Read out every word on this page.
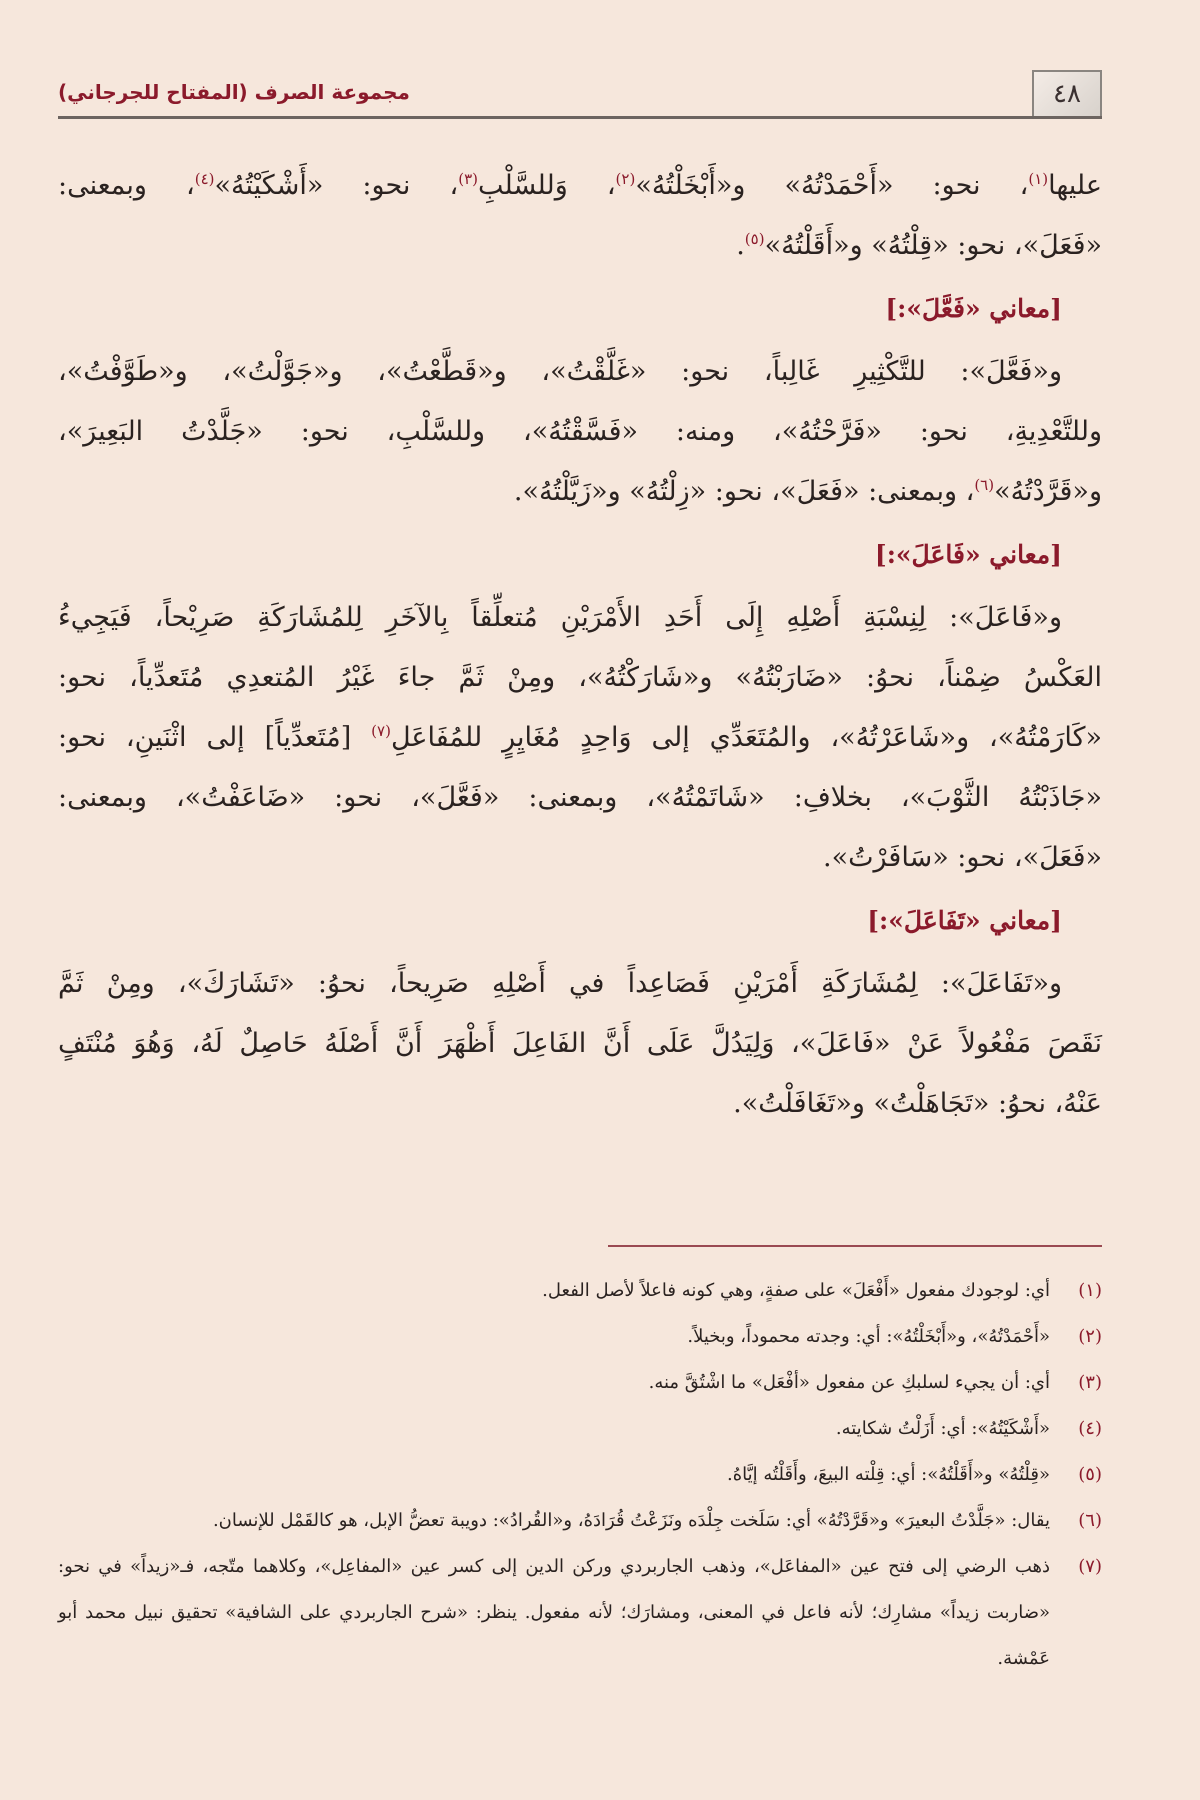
٤٨
مجموعة الصرف (المفتاح للجرجاني)
عليها$^{(١)}$، نحو: «أَحْمَدْتُهُ» و«أَبْخَلْتُهُ»$^{(٢)}$، وَللسَّلْبِ$^{(٣)}$، نحو: «أَشْكَيْتُهُ»$^{(٤)}$، وبمعنى:
«فَعَلَ»، نحو: «قِلْتُهُ» و«أَقَلْتُهُ»$^{(٥)}$.
[معاني «فَعَّلَ»:]
و«فَعَّلَ»: للتَّكْثِيرِ غَالِباً، نحو: «غَلَّقْتُ»، و«قَطَّعْتُ»، و«جَوَّلْتُ»، و«طَوَّفْتُ»،
وللتَّعْدِيةِ، نحو: «فَرَّحْتُهُ»، ومنه: «فَسَّقْتُهُ»، وللسَّلْبِ، نحو: «جَلَّدْتُ البَعِيرَ»،
و«قَرَّدْتُهُ»$^{(٦)}$، وبمعنى: «فَعَلَ»، نحو: «زِلْتُهُ» و«زَيَّلْتُهُ».
[معاني «فَاعَلَ»:]
و«فَاعَلَ»: لِنِسْبَةِ أَصْلِهِ إِلَى أَحَدِ الأَمْرَيْنِ مُتعلِّقاً بِالآخَرِ لِلمُشَارَكَةِ صَرِيْحاً، فَيَجِيءُ
العَكْسُ ضِمْناً، نحوُ: «ضَارَبْتُهُ» و«شَارَكْتُهُ»، ومِنْ ثَمَّ جاءَ غَيْرُ المُتعدِي مُتَعدِّياً، نحو:
«كَارَمْتُهُ»، و«شَاعَرْتُهُ»، والمُتَعَدِّي إلى وَاحِدٍ مُغَايِرٍ للمُفَاعَلِ$^{(٧)}$ [مُتَعدِّياً] إلى اثْنَينِ، نحو:
«جَاذَبْتُهُ الثَّوْبَ»، بخلافِ: «شَاتَمْتُهُ»، وبمعنى: «فَعَّلَ»، نحو: «ضَاعَفْتُ»، وبمعنى:
«فَعَلَ»، نحو: «سَافَرْتُ».
[معاني «تَفَاعَلَ»:]
و«تَفَاعَلَ»: لِمُشَارَكَةِ أَمْرَيْنِ فَصَاعِداً في أَصْلِهِ صَرِيحاً، نحوُ: «تَشَارَكَ»، ومِنْ ثَمَّ
نَقَصَ مَفْعُولاً عَنْ «فَاعَلَ»، وَلِيَدُلَّ عَلَى أَنَّ الفَاعِلَ أَظْهَرَ أَنَّ أَصْلَهُ حَاصِلٌ لَهُ، وَهُوَ مُنْتَفٍ
عَنْهُ، نحوُ: «تَجَاهَلْتُ» و«تَغَافَلْتُ».
(١)
أي: لوجودك مفعول «أَفْعَلَ» على صفةٍ، وهي كونه فاعلاً لأصل الفعل.
(٢)
«أَحْمَدْتُهُ»، و«أَبْخَلْتُهُ»: أي: وجدته محموداً، وبخيلاً.
(٣)
أي: أن يجيء لسلبكِ عن مفعول «أفْعَل» ما اشْتُقَّ منه.
(٤)
«أَشْكَيْتُهُ»: أي: أَزَلْتُ شكايته.
(٥)
«قِلْتُهُ» و«أَقَلْتُهُ»: أي: قِلْته البيعَ، وأَقَلْتُه إيَّاهُ.
(٦)
يقال: «جَلَّدْتُ البعيرَ» و«قَرَّدْتُهُ» أي: سَلَخت جِلْدَه ونَزَعْتُ قُرَادَهُ، و«القُرادُ»: دويبة تعضُّ الإبل، هو كالقَمْل للإنسان.
(٧)
ذهب الرضي إلى فتح عين «المفاعَل»، وذهب الجاربردي وركن الدين إلى كسر عين «المفاعِل»، وكلاهما متّجه، فـ«زيداً» في نحو: «ضاربت زيداً» مشارِك؛ لأنه فاعل في المعنى، ومشارَك؛ لأنه مفعول. ينظر: «شرح الجاربردي على الشافية» تحقيق نبيل محمد أبو عَمْشة.
